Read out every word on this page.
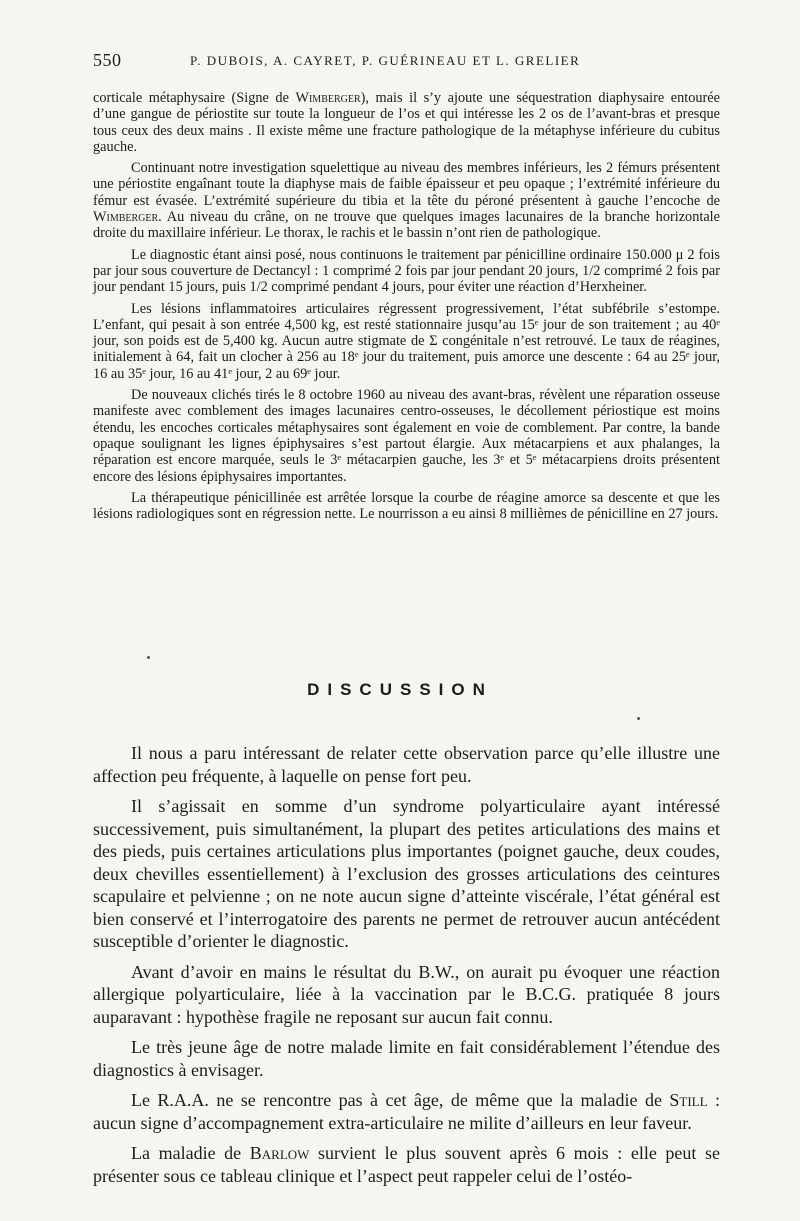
550	P. DUBOIS, A. CAYRET, P. GUÉRINEAU ET L. GRELIER

corticale métaphysaire (Signe de Wimberger), mais il s’y ajoute une séquestration diaphysaire entourée d’une gangue de périostite sur toute la longueur de l’os et qui intéresse les 2 os de l’avant-bras et presque tous ceux des deux mains . Il existe même une fracture pathologique de la métaphyse inférieure du cubitus gauche.

Continuant notre investigation squelettique au niveau des membres inférieurs, les 2 fémurs présentent une périostite engaînant toute la diaphyse mais de faible épaisseur et peu opaque ; l’extrémité inférieure du fémur est évasée. L’extrémité supérieure du tibia et la tête du péroné présentent à gauche l’encoche de Wimberger. Au niveau du crâne, on ne trouve que quelques images lacunaires de la branche horizontale droite du maxillaire inférieur. Le thorax, le rachis et le bassin n’ont rien de pathologique.

Le diagnostic étant ainsi posé, nous continuons le traitement par pénicilline ordinaire 150.000 μ 2 fois par jour sous couverture de Dectancyl : 1 comprimé 2 fois par jour pendant 20 jours, 1/2 comprimé 2 fois par jour pendant 15 jours, puis 1/2 comprimé pendant 4 jours, pour éviter une réaction d’Herxheiner.

Les lésions inflammatoires articulaires régressent progressivement, l’état subfébrile s’estompe. L’enfant, qui pesait à son entrée 4,500 kg, est resté stationnaire jusqu’au 15ᵉ jour de son traitement ; au 40ᵉ jour, son poids est de 5,400 kg. Aucun autre stigmate de Σ congénitale n’est retrouvé. Le taux de réagines, initialement à 64, fait un clocher à 256 au 18ᵉ jour du traitement, puis amorce une descente : 64 au 25ᵉ jour, 16 au 35ᵉ jour, 16 au 41ᵉ jour, 2 au 69ᵉ jour.

De nouveaux clichés tirés le 8 octobre 1960 au niveau des avant-bras, révèlent une réparation osseuse manifeste avec comblement des images lacunaires centro-osseuses, le décollement périostique est moins étendu, les encoches corticales métaphysaires sont également en voie de comblement. Par contre, la bande opaque soulignant les lignes épiphysaires s’est partout élargie. Aux métacarpiens et aux phalanges, la réparation est encore marquée, seuls le 3ᵉ métacarpien gauche, les 3ᵉ et 5ᵉ métacarpiens droits présentent encore des lésions épiphysaires importantes.

La thérapeutique pénicillinée est arrêtée lorsque la courbe de réagine amorce sa descente et que les lésions radiologiques sont en régression nette. Le nourrisson a eu ainsi 8 millièmes de pénicilline en 27 jours.

DISCUSSION

Il nous a paru intéressant de relater cette observation parce qu’elle illustre une affection peu fréquente, à laquelle on pense fort peu.

Il s’agissait en somme d’un syndrome polyarticulaire ayant intéressé successivement, puis simultanément, la plupart des petites articulations des mains et des pieds, puis certaines articulations plus importantes (poignet gauche, deux coudes, deux chevilles essentiellement) à l’exclusion des grosses articulations des ceintures scapulaire et pelvienne ; on ne note aucun signe d’atteinte viscérale, l’état général est bien conservé et l’interrogatoire des parents ne permet de retrouver aucun antécédent susceptible d’orienter le diagnostic.

Avant d’avoir en mains le résultat du B.W., on aurait pu évoquer une réaction allergique polyarticulaire, liée à la vaccination par le B.C.G. pratiquée 8 jours auparavant : hypothèse fragile ne reposant sur aucun fait connu.

Le très jeune âge de notre malade limite en fait considérablement l’étendue des diagnostics à envisager.

Le R.A.A. ne se rencontre pas à cet âge, de même que la maladie de Still : aucun signe d’accompagnement extra-articulaire ne milite d’ailleurs en leur faveur.

La maladie de Barlow survient le plus souvent après 6 mois : elle peut se présenter sous ce tableau clinique et l’aspect peut rappeler celui de l’ostéo-
